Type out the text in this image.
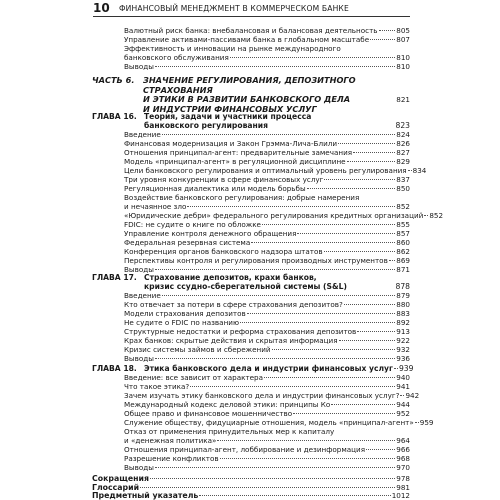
10 ФИНАНСОВЫЙ МЕНЕДЖМЕНТ В КОММЕРЧЕСКОМ БАНКЕ
Валютный риск банка: внебалансовая и балансовая деятельность	805
Управление активами-пассивами банка в глобальном масштабе	807
Эффективность и инновации на рынке международного
банковского обслуживания	810
Выводы	810
ЧАСТЬ 6. ЗНАЧЕНИЕ РЕГУЛИРОВАНИЯ, ДЕПОЗИТНОГО СТРАХОВАНИЯ
И ЭТИКИ В РАЗВИТИИ БАНКОВСКОГО ДЕЛА
И ИНДУСТРИИ ФИНАНСОВЫХ УСЛУГ
821
ГЛАВА 16. Теория, задачи и участники процесса
банковского регулирования	823
Введение	824
Финансовая модернизация и Закон Грэмма-Лича-Блили	826
Отношения принципал-агент: предварительные замечания	827
Модель «принципал-агент» в регуляционной дисциплине	829
Цели банковского регулирования и оптимальный уровень регулирования 834
Три уровня конкуренции в сфере финансовых услуг	837
Регуляционная диалектика или модель борьбы	850
Воздействие банковского регулирования: добрые намерения
и нечаянное зло	852
«Юридические дебри» федерального регулирования кредитных организаций 852
FDIC: не судите о книге по обложке	855
Управление контроля денежного обращения	857
Федеральная резервная система	860
Конференция органов банковского надзора штатов	862
Перспективы контроля и регулирования производных инструментов 869
Выводы	871
ГЛАВА 17. Страхование депозитов, крахи банков,
кризис ссудно-сберегательной системы (S&L)	878
Введение	879
Кто отвечает за потери в сфере страхования депозитов?	880
Модели страхования депозитов	883
Не судите о FDIC по названию	892
Структурные недостатки и реформа страхования депозитов	913
Крах банков: скрытые действия и скрытая информация	922
Кризис системы займов и сбережений	932
Выводы	936
ГЛАВА 18. Этика банковского дела и индустрии финансовых услуг 939
Введение: все зависит от характера	940
Что такое этика?	941
Зачем изучать этику банковского дела и индустрии финансовых услуг? 942
Международный кодекс деловой этики: принципы Ко	944
Общее право и финансовое мошенничество	952
Служение обществу, фидуциарные отношения, модель «принципал-агент» 959
Отказ от применения принудительных мер к капиталу
и «денежная политика»	964
Отношения принципал-агент, лоббирование и дезинформация	966
Разрешение конфликтов	968
Выводы	970
Сокращения	978
Глоссарий	981
Предметный указатель	1012
